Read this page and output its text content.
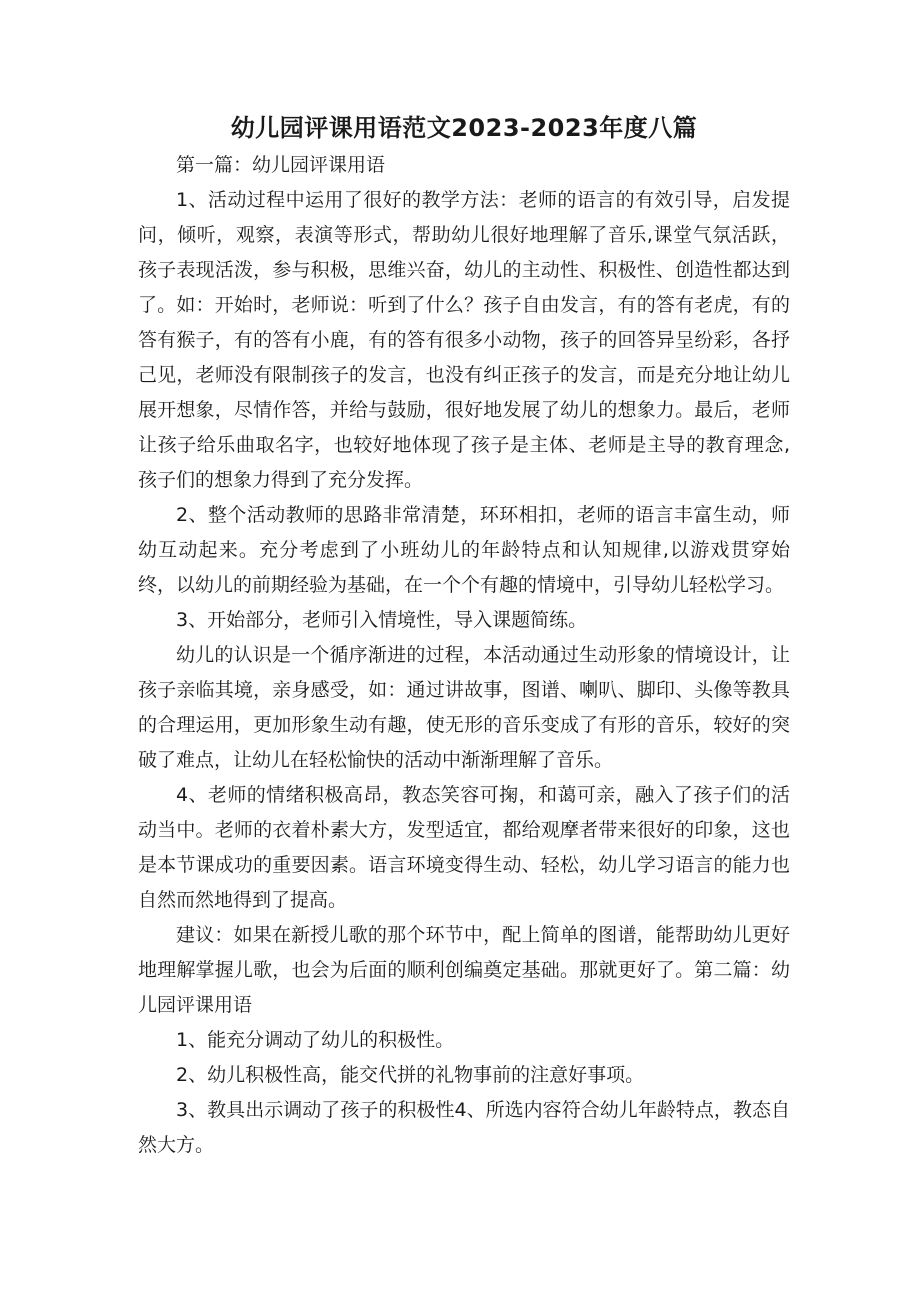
幼儿园评课用语范文2023-2023年度八篇

第一篇：幼儿园评课用语

1、活动过程中运用了很好的教学方法：老师的语言的有效引导，启发提问，倾听，观察，表演等形式，帮助幼儿很好地理解了音乐,课堂气氛活跃，孩子表现活泼，参与积极，思维兴奋，幼儿的主动性、积极性、创造性都达到了。如：开始时，老师说：听到了什么？孩子自由发言，有的答有老虎，有的答有猴子，有的答有小鹿，有的答有很多小动物，孩子的回答异呈纷彩，各抒己见，老师没有限制孩子的发言，也没有纠正孩子的发言，而是充分地让幼儿展开想象，尽情作答，并给与鼓励，很好地发展了幼儿的想象力。最后，老师让孩子给乐曲取名字，也较好地体现了孩子是主体、老师是主导的教育理念,孩子们的想象力得到了充分发挥。

2、整个活动教师的思路非常清楚，环环相扣，老师的语言丰富生动，师幼互动起来。充分考虑到了小班幼儿的年龄特点和认知规律,以游戏贯穿始终，以幼儿的前期经验为基础，在一个个有趣的情境中，引导幼儿轻松学习。

3、开始部分，老师引入情境性，导入课题简练。

幼儿的认识是一个循序渐进的过程，本活动通过生动形象的情境设计，让孩子亲临其境，亲身感受，如：通过讲故事，图谱、喇叭、脚印、头像等教具的合理运用，更加形象生动有趣，使无形的音乐变成了有形的音乐，较好的突破了难点，让幼儿在轻松愉快的活动中渐渐理解了音乐。

4、老师的情绪积极高昂，教态笑容可掬，和蔼可亲，融入了孩子们的活动当中。老师的衣着朴素大方，发型适宜，都给观摩者带来很好的印象，这也是本节课成功的重要因素。语言环境变得生动、轻松，幼儿学习语言的能力也自然而然地得到了提高。

建议：如果在新授儿歌的那个环节中，配上简单的图谱，能帮助幼儿更好地理解掌握儿歌，也会为后面的顺利创编奠定基础。那就更好了。第二篇：幼儿园评课用语

1、能充分调动了幼儿的积极性。

2、幼儿积极性高，能交代拼的礼物事前的注意好事项。

3、教具出示调动了孩子的积极性4、所选内容符合幼儿年龄特点，教态自然大方。
